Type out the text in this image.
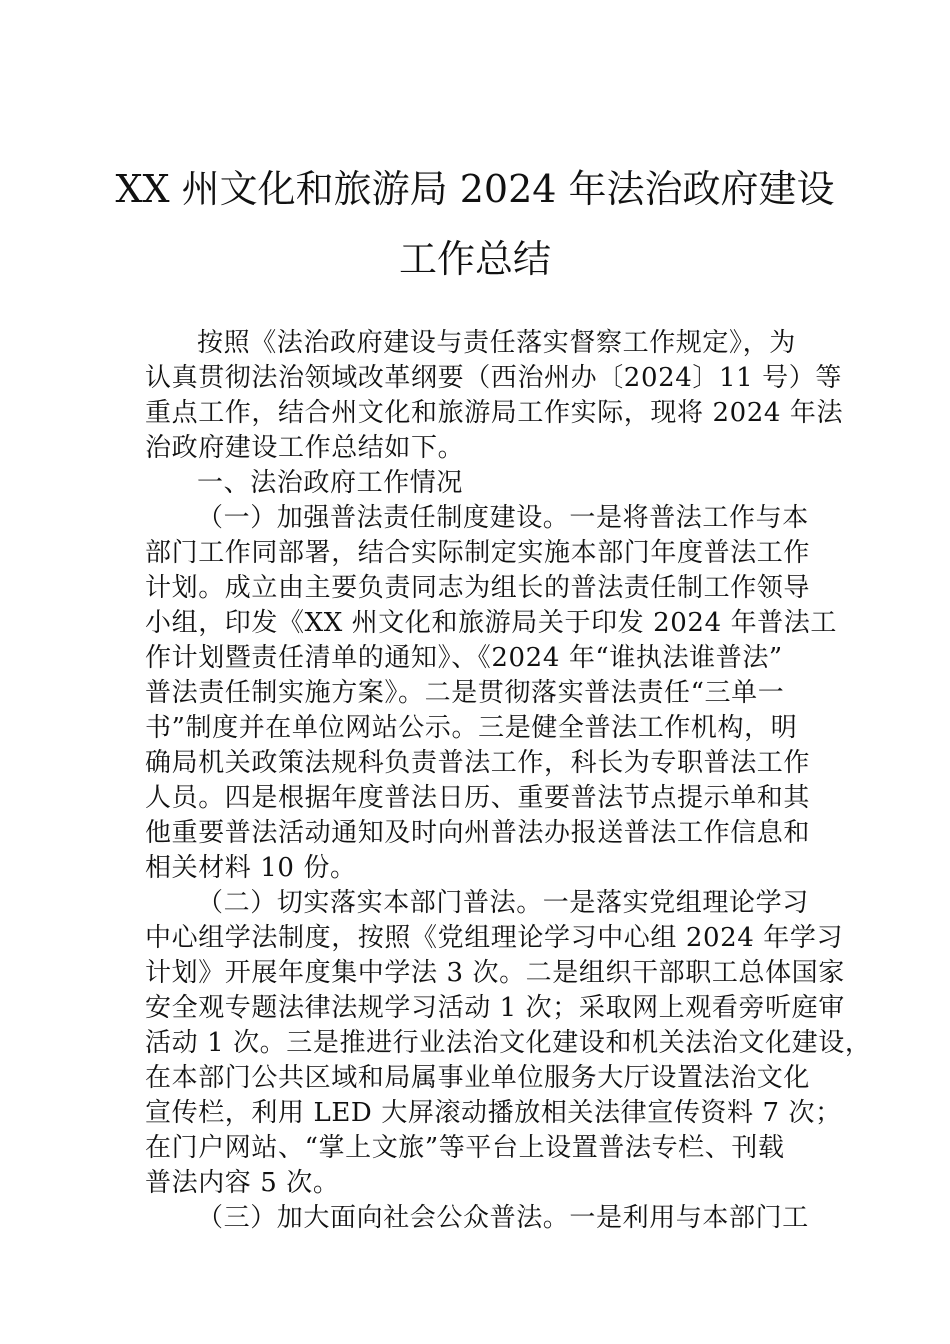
XX 州文化和旅游局 2024 年法治政府建设
工作总结
按照《法治政府建设与责任落实督察工作规定》，为
认真贯彻法治领域改革纲要（西治州办〔2024〕11 号）等
重点工作，结合州文化和旅游局工作实际，现将 2024 年法
治政府建设工作总结如下。
一、法治政府工作情况
（一）加强普法责任制度建设。一是将普法工作与本
部门工作同部署，结合实际制定实施本部门年度普法工作
计划。成立由主要负责同志为组长的普法责任制工作领导
小组，印发《XX 州文化和旅游局关于印发 2024 年普法工
作计划暨责任清单的通知》、《2024 年“谁执法谁普法”
普法责任制实施方案》。二是贯彻落实普法责任“三单一
书”制度并在单位网站公示。三是健全普法工作机构，明
确局机关政策法规科负责普法工作，科长为专职普法工作
人员。四是根据年度普法日历、重要普法节点提示单和其
他重要普法活动通知及时向州普法办报送普法工作信息和
相关材料 10 份。
（二）切实落实本部门普法。一是落实党组理论学习
中心组学法制度，按照《党组理论学习中心组 2024 年学习
计划》开展年度集中学法 3 次。二是组织干部职工总体国家
安全观专题法律法规学习活动 1 次；采取网上观看旁听庭审
活动 1 次。三是推进行业法治文化建设和机关法治文化建设，
在本部门公共区域和局属事业单位服务大厅设置法治文化
宣传栏，利用 LED 大屏滚动播放相关法律宣传资料 7 次；
在门户网站、“掌上文旅”等平台上设置普法专栏、刊载
普法内容 5 次。
（三）加大面向社会公众普法。一是利用与本部门工
